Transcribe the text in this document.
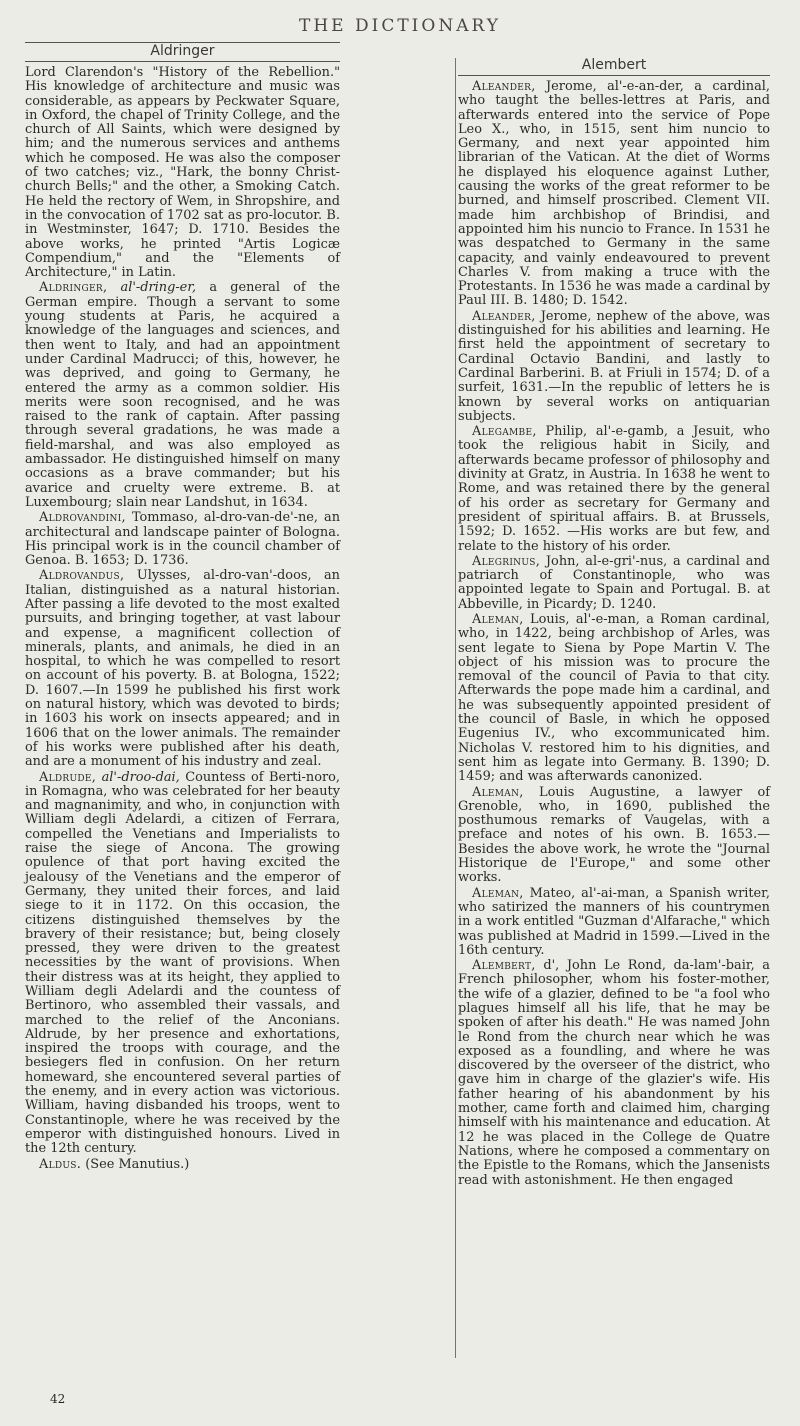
THE DICTIONARY
Aldringer
Alembert

Lord Clarendon's "History of the Rebellion." His knowledge of architecture and music was considerable, as appears by Peckwater Square, in Oxford, the chapel of Trinity College, and the church of All Saints, which were designed by him; and the numerous services and anthems which he composed. He was also the composer of two catches; viz., "Hark, the bonny Christ-church Bells;" and the other, a Smoking Catch. He held the rectory of Wem, in Shropshire, and in the convocation of 1702 sat as pro-locutor. B. in Westminster, 1647; D. 1710. Besides the above works, he printed "Artis Logicæ Compendium," and the "Elements of Architecture," in Latin.

Aldringer, al'-dring-er, a general of the German empire. Though a servant to some young students at Paris, he acquired a knowledge of the languages and sciences, and then went to Italy, and had an appointment under Cardinal Madrucci; of this, however, he was deprived, and going to Germany, he entered the army as a common soldier. His merits were soon recognised, and he was raised to the rank of captain. After passing through several gradations, he was made a field-marshal, and was also employed as ambassador. He distinguished himself on many occasions as a brave commander; but his avarice and cruelty were extreme. B. at Luxembourg; slain near Landshut, in 1634.

Aldrovandini, Tommaso, al-dro-van-de'-ne, an architectural and landscape painter of Bologna. His principal work is in the council chamber of Genoa. B. 1653; D. 1736.

Aldrovandus, Ulysses, al-dro-van'-doos, an Italian, distinguished as a natural historian. After passing a life devoted to the most exalted pursuits, and bringing together, at vast labour and expense, a magnificent collection of minerals, plants, and animals, he died in an hospital, to which he was compelled to resort on account of his poverty. B. at Bologna, 1522; D. 1607.—In 1599 he published his first work on natural history, which was devoted to birds; in 1603 his work on insects appeared; and in 1606 that on the lower animals. The remainder of his works were published after his death, and are a monument of his industry and zeal.

Aldrude, al'-droo-dai, Countess of Berti-noro, in Romagna, who was celebrated for her beauty and magnanimity, and who, in conjunction with William degli Adelardi, a citizen of Ferrara, compelled the Venetians and Imperialists to raise the siege of Ancona. The growing opulence of that port having excited the jealousy of the Venetians and the emperor of Germany, they united their forces, and laid siege to it in 1172. On this occasion, the citizens distinguished themselves by the bravery of their resistance; but, being closely pressed, they were driven to the greatest necessities by the want of provisions. When their distress was at its height, they applied to William degli Adelardi and the countess of Bertinoro, who assembled their vassals, and marched to the relief of the Anconians. Aldrude, by her presence and exhortations, inspired the troops with courage, and the besiegers fled in confusion. On her return homeward, she encountered several parties of the enemy, and in every action was victorious. William, having disbanded his troops, went to Constantinople, where he was received by the emperor with distinguished honours. Lived in the 12th century.

Aldus. (See Manutius.)

Aleander, Jerome, al'-e-an-der, a cardinal, who taught the belles-lettres at Paris, and afterwards entered into the service of Pope Leo X., who, in 1515, sent him nuncio to Germany, and next year appointed him librarian of the Vatican. At the diet of Worms he displayed his eloquence against Luther, causing the works of the great reformer to be burned, and himself proscribed. Clement VII. made him archbishop of Brindisi, and appointed him his nuncio to France. In 1531 he was despatched to Germany in the same capacity, and vainly endeavoured to prevent Charles V. from making a truce with the Protestants. In 1536 he was made a cardinal by Paul III. B. 1480; D. 1542.

Aleander, Jerome, nephew of the above, was distinguished for his abilities and learning. He first held the appointment of secretary to Cardinal Octavio Bandini, and lastly to Cardinal Barberini. B. at Friuli in 1574; D. of a surfeit, 1631.—In the republic of letters he is known by several works on antiquarian subjects.

Alegambe, Philip, al'-e-gamb, a Jesuit, who took the religious habit in Sicily, and afterwards became professor of philosophy and divinity at Gratz, in Austria. In 1638 he went to Rome, and was retained there by the general of his order as secretary for Germany and president of spiritual affairs. B. at Brussels, 1592; D. 1652. —His works are but few, and relate to the history of his order.

Alegrinus, John, al-e-gri'-nus, a cardinal and patriarch of Constantinople, who was appointed legate to Spain and Portugal. B. at Abbeville, in Picardy; D. 1240.

Aleman, Louis, al'-e-man, a Roman cardinal, who, in 1422, being archbishop of Arles, was sent legate to Siena by Pope Martin V. The object of his mission was to procure the removal of the council of Pavia to that city. Afterwards the pope made him a cardinal, and he was subsequently appointed president of the council of Basle, in which he opposed Eugenius IV., who excommunicated him. Nicholas V. restored him to his dignities, and sent him as legate into Germany. B. 1390; D. 1459; and was afterwards canonized.

Aleman, Louis Augustine, a lawyer of Grenoble, who, in 1690, published the posthumous remarks of Vaugelas, with a preface and notes of his own. B. 1653.—Besides the above work, he wrote the "Journal Historique de l'Europe," and some other works.

Aleman, Mateo, al'-ai-man, a Spanish writer, who satirized the manners of his countrymen in a work entitled "Guzman d'Alfarache," which was published at Madrid in 1599.—Lived in the 16th century.

Alembert, d', John Le Rond, da-lam'-bair, a French philosopher, whom his foster-mother, the wife of a glazier, defined to be "a fool who plagues himself all his life, that he may be spoken of after his death." He was named John le Rond from the church near which he was exposed as a foundling, and where he was discovered by the overseer of the district, who gave him in charge of the glazier's wife. His father hearing of his abandonment by his mother, came forth and claimed him, charging himself with his maintenance and education. At 12 he was placed in the College de Quatre Nations, where he composed a commentary on the Epistle to the Romans, which the Jansenists read with astonishment. He then engaged

42
